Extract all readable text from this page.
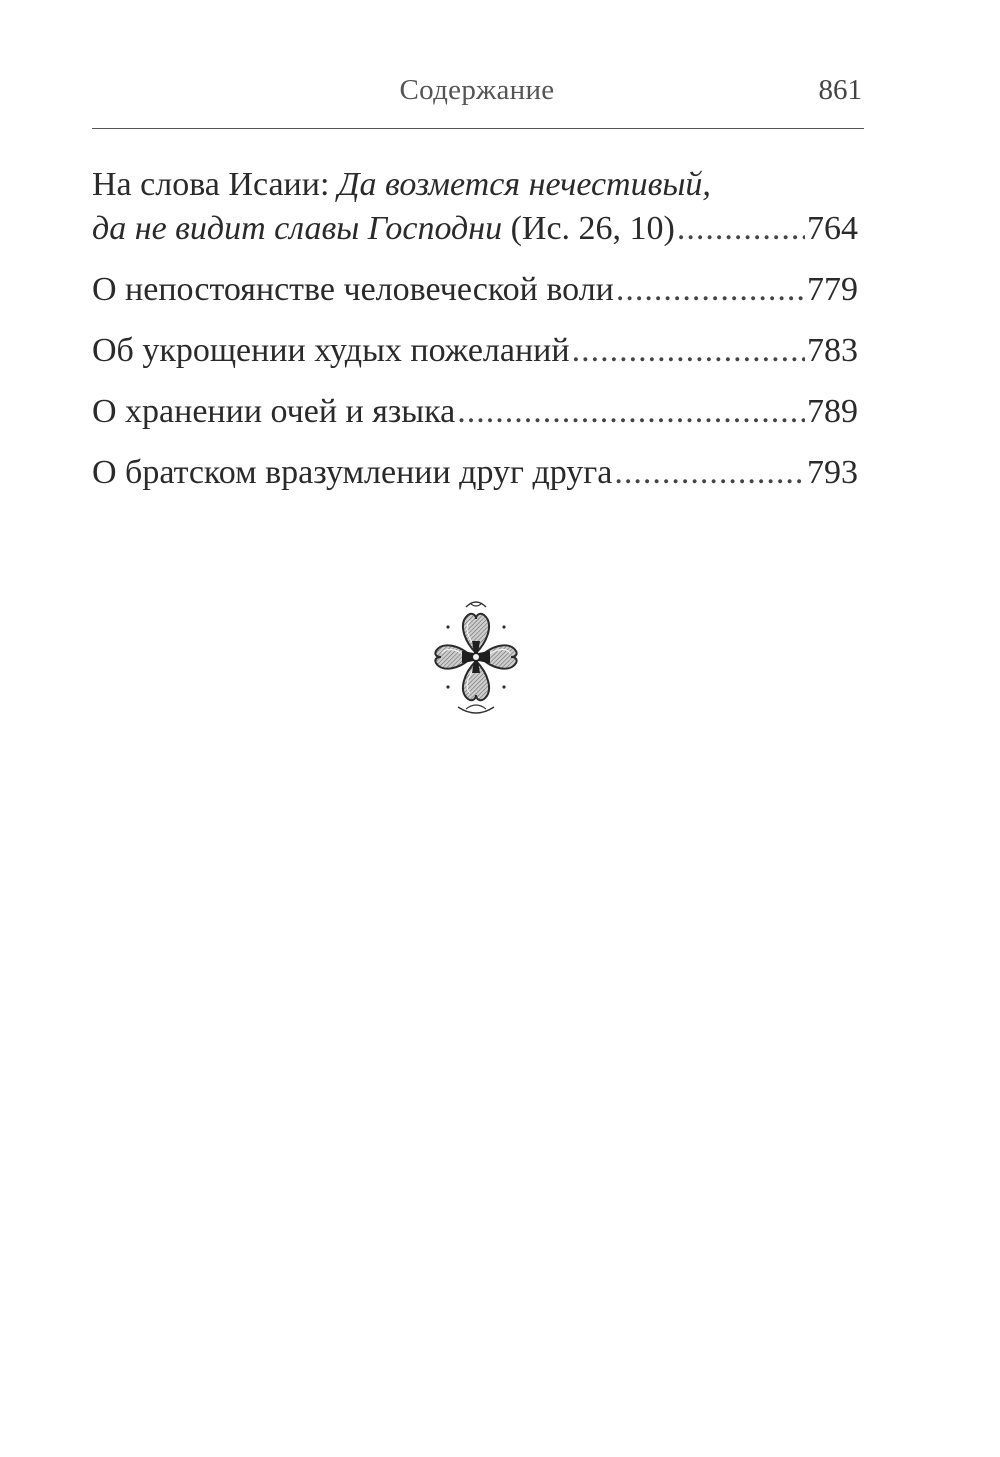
Содержание	861
На слова Исаии: Да возмется нечестивый,
да не видит славы Господни (Ис. 26, 10) .....	764
О непостоянстве человеческой воли .....	779
Об укрощении худых пожеланий .....	783
О хранении очей и языка .....	789
О братском вразумлении друг друга .....	793
